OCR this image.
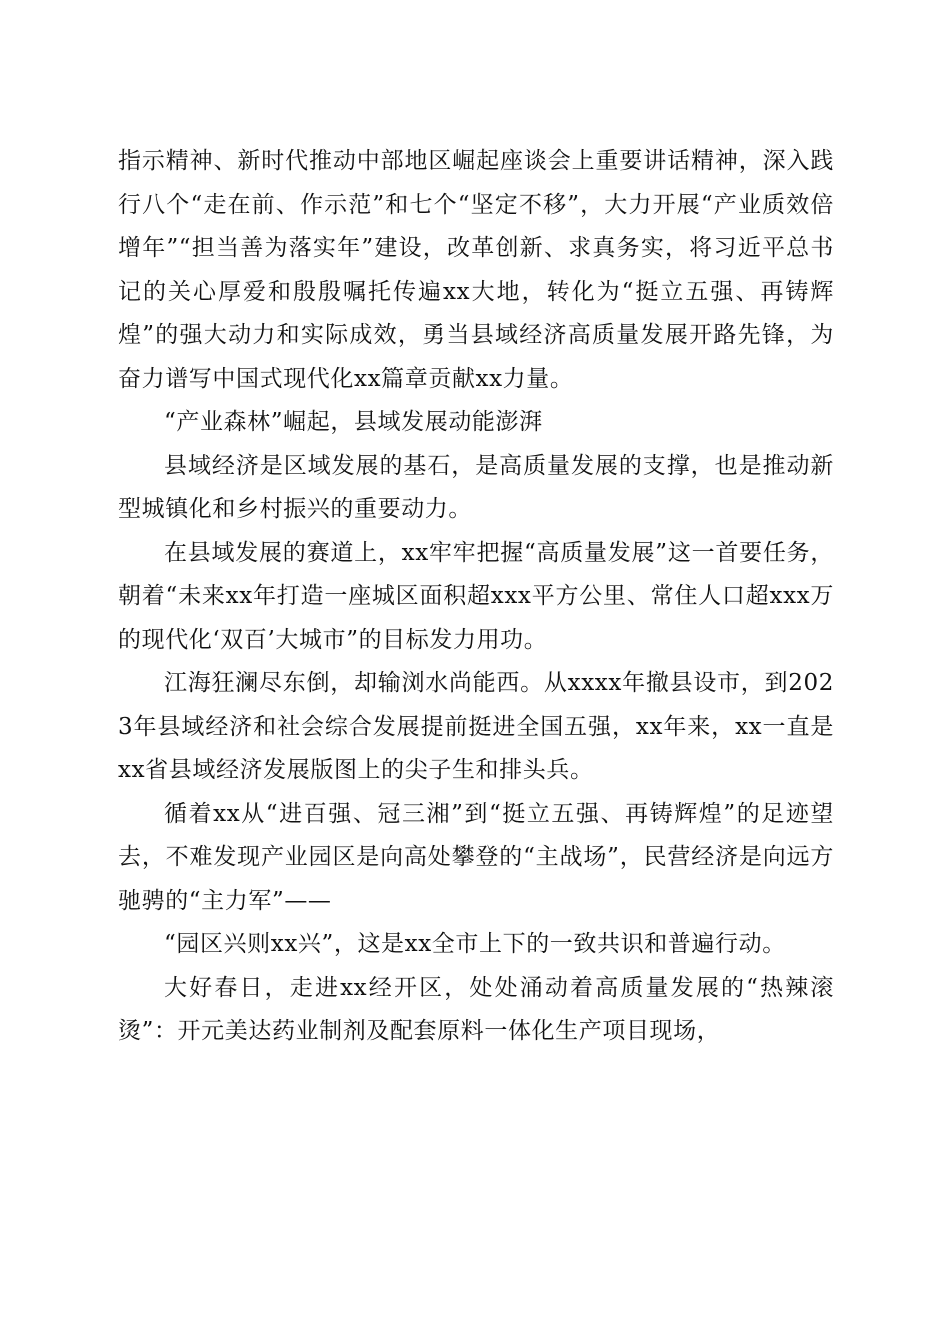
指示精神、新时代推动中部地区崛起座谈会上重要讲话精神，深入践行八个“走在前、作示范”和七个“坚定不移”，大力开展“产业质效倍增年”“担当善为落实年”建设，改革创新、求真务实，将习近平总书记的关心厚爱和殷殷嘱托传遍xx大地，转化为“挺立五强、再铸辉煌”的强大动力和实际成效，勇当县域经济高质量发展开路先锋，为奋力谱写中国式现代化xx篇章贡献xx力量。

“产业森林”崛起，县域发展动能澎湃

县域经济是区域发展的基石，是高质量发展的支撑，也是推动新型城镇化和乡村振兴的重要动力。

在县域发展的赛道上，xx牢牢把握“高质量发展”这一首要任务，朝着“未来xx年打造一座城区面积超xxx平方公里、常住人口超xxx万的现代化‘双百’大城市”的目标发力用功。

江海狂澜尽东倒，却输浏水尚能西。从xxxx年撤县设市，到2023年县域经济和社会综合发展提前挺进全国五强，xx年来，xx一直是xx省县域经济发展版图上的尖子生和排头兵。

循着xx从“进百强、冠三湘”到“挺立五强、再铸辉煌”的足迹望去，不难发现产业园区是向高处攀登的“主战场”，民营经济是向远方驰骋的“主力军”——

“园区兴则xx兴”，这是xx全市上下的一致共识和普遍行动。

大好春日，走进xx经开区，处处涌动着高质量发展的“热辣滚烫”：开元美达药业制剂及配套原料一体化生产项目现场，
